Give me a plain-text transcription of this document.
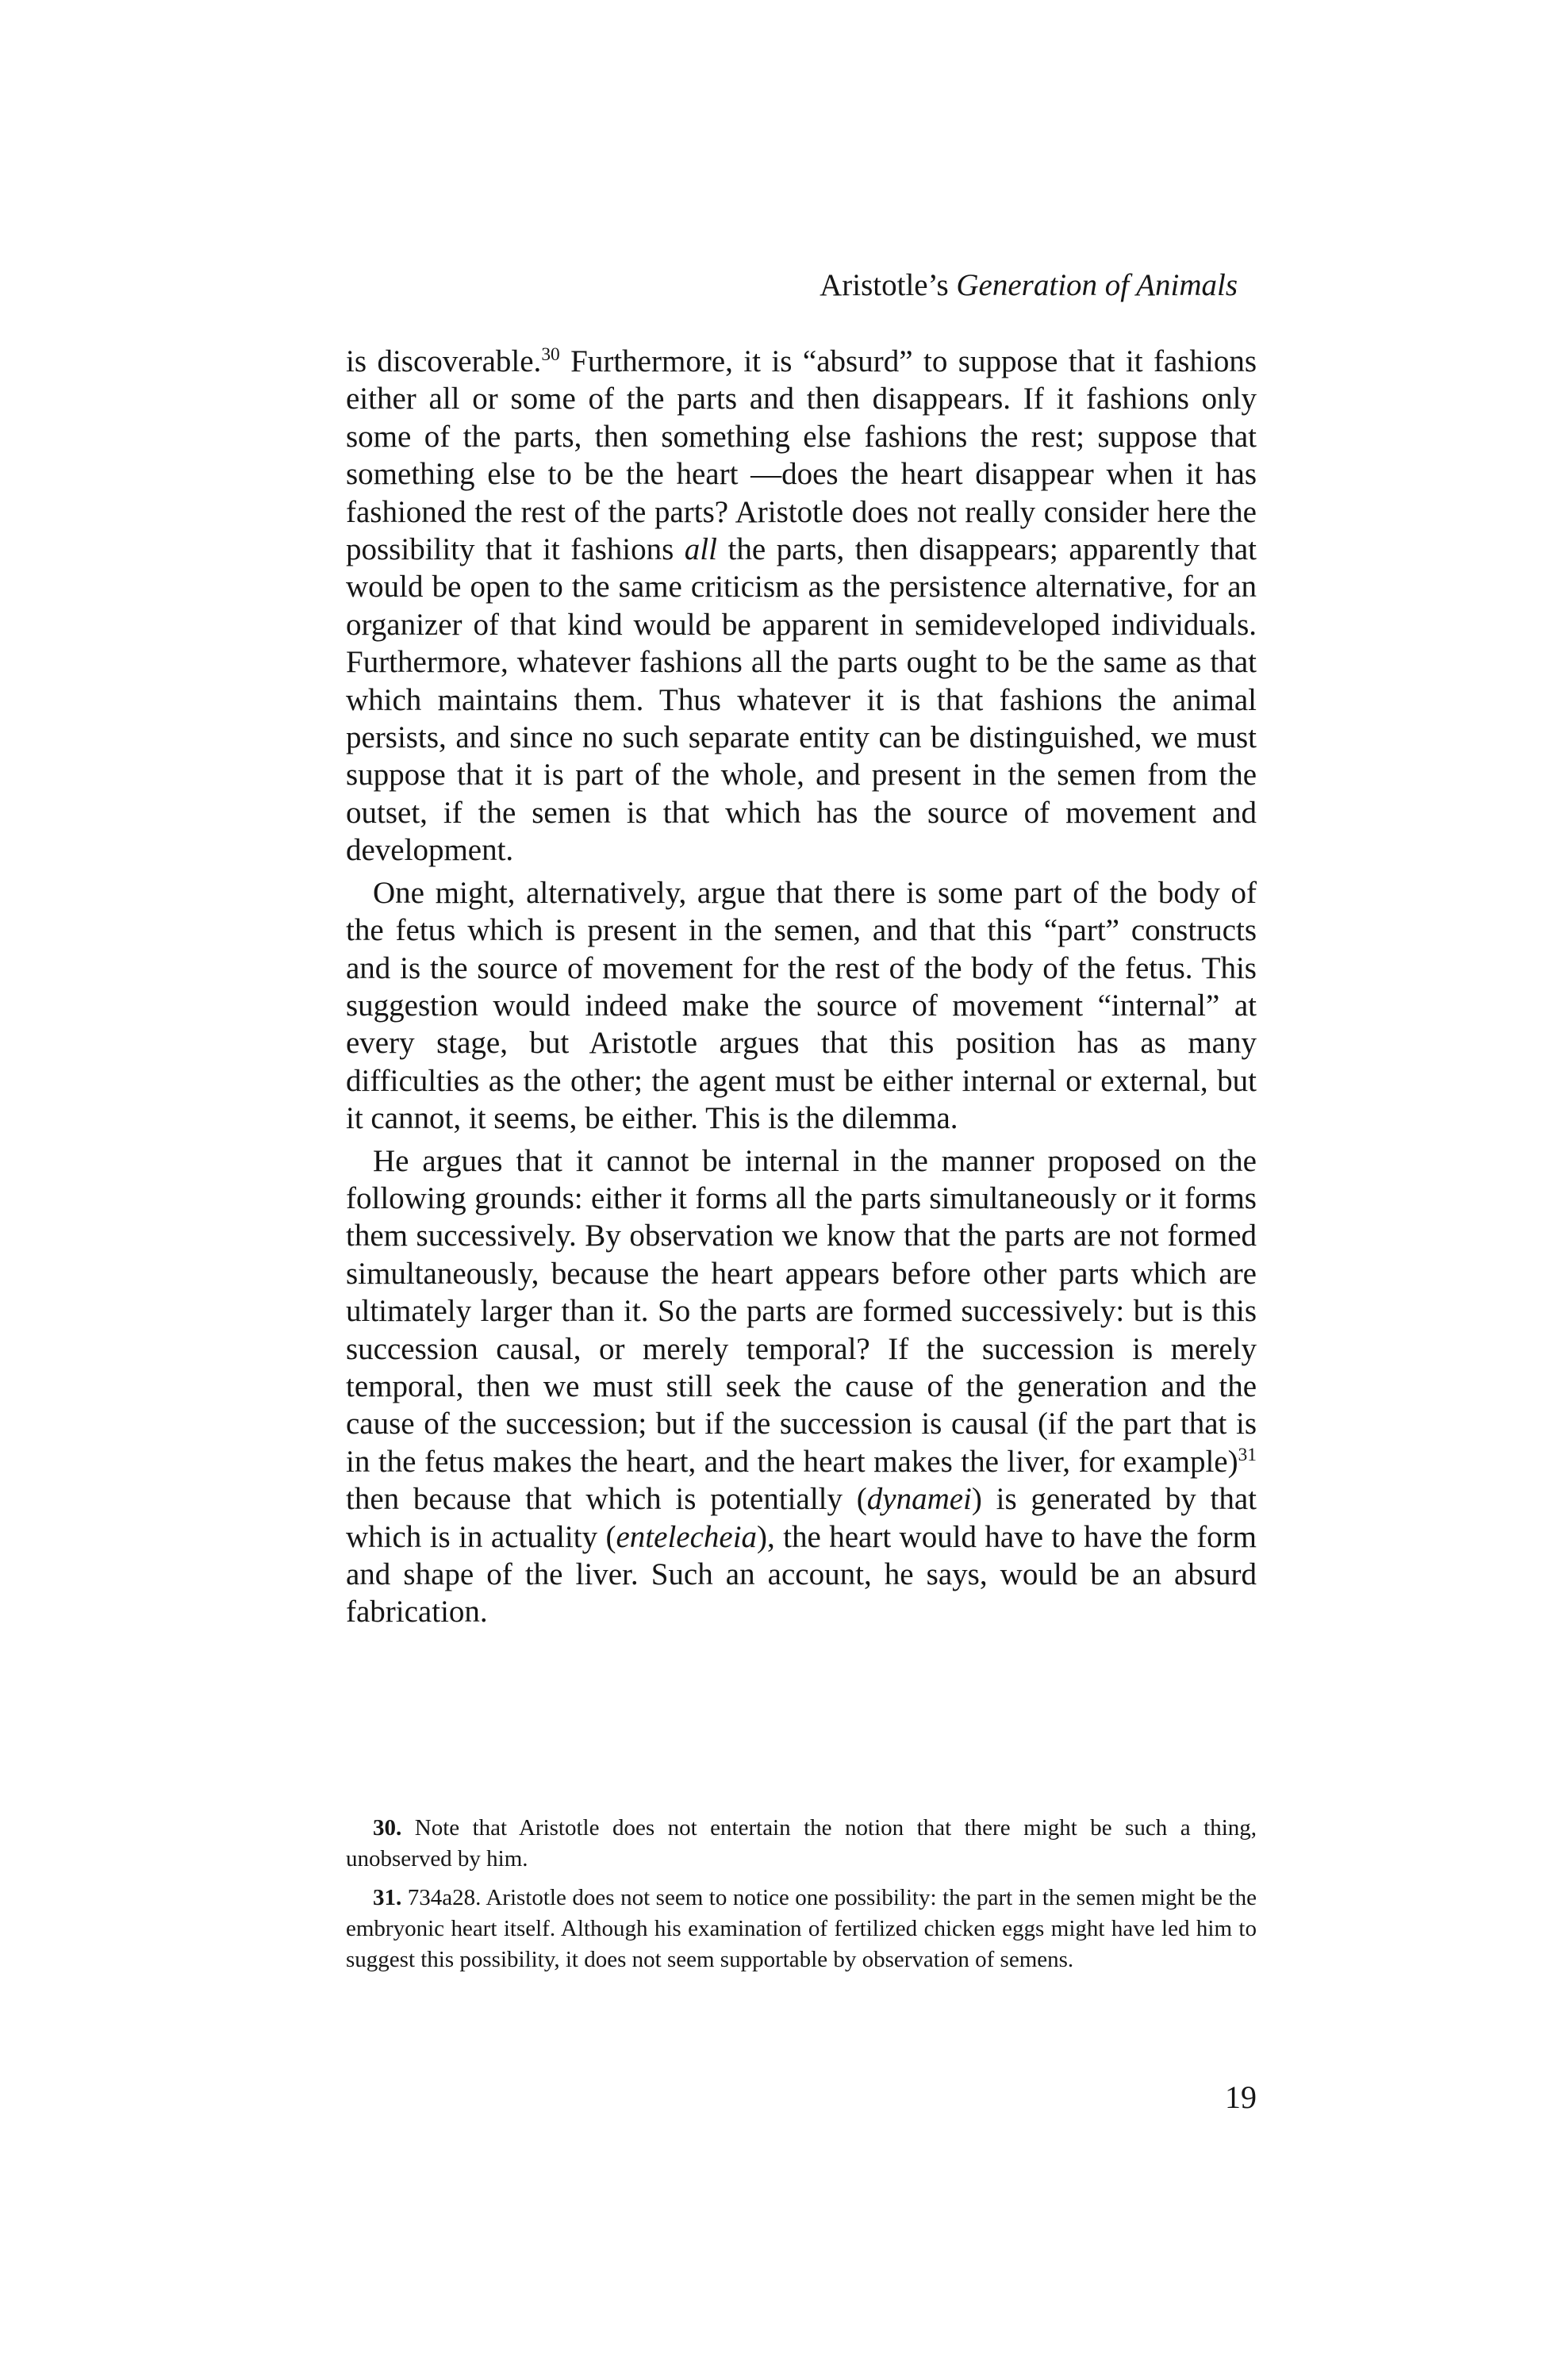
Aristotle’s Generation of Animals

is discoverable.$^{30}$ Furthermore, it is “absurd” to suppose that it fashions either all or some of the parts and then disappears. If it fashions only some of the parts, then something else fashions the rest; suppose that something else to be the heart —does the heart disappear when it has fashioned the rest of the parts? Aristotle does not really consider here the possibility that it fashions all the parts, then disappears; apparently that would be open to the same criticism as the persistence alternative, for an organizer of that kind would be apparent in semideveloped individuals. Furthermore, whatever fashions all the parts ought to be the same as that which maintains them. Thus whatever it is that fashions the animal persists, and since no such separate entity can be distinguished, we must suppose that it is part of the whole, and present in the semen from the outset, if the semen is that which has the source of movement and development.

One might, alternatively, argue that there is some part of the body of the fetus which is present in the semen, and that this “part” constructs and is the source of movement for the rest of the body of the fetus. This suggestion would indeed make the source of movement “internal” at every stage, but Aristotle argues that this position has as many difficulties as the other; the agent must be either internal or external, but it cannot, it seems, be either. This is the dilemma.

He argues that it cannot be internal in the manner proposed on the following grounds: either it forms all the parts simultaneously or it forms them successively. By observation we know that the parts are not formed simultaneously, because the heart appears before other parts which are ultimately larger than it. So the parts are formed successively: but is this succession causal, or merely temporal? If the succession is merely temporal, then we must still seek the cause of the generation and the cause of the succession; but if the succession is causal (if the part that is in the fetus makes the heart, and the heart makes the liver, for example)$^{31}$ then because that which is potentially (dynamei) is generated by that which is in actuality (entelecheia), the heart would have to have the form and shape of the liver. Such an account, he says, would be an absurd fabrication.

30. Note that Aristotle does not entertain the notion that there might be such a thing, unobserved by him.

31. 734a28. Aristotle does not seem to notice one possibility: the part in the semen might be the embryonic heart itself. Although his examination of fertilized chicken eggs might have led him to suggest this possibility, it does not seem supportable by observation of semens.

19
